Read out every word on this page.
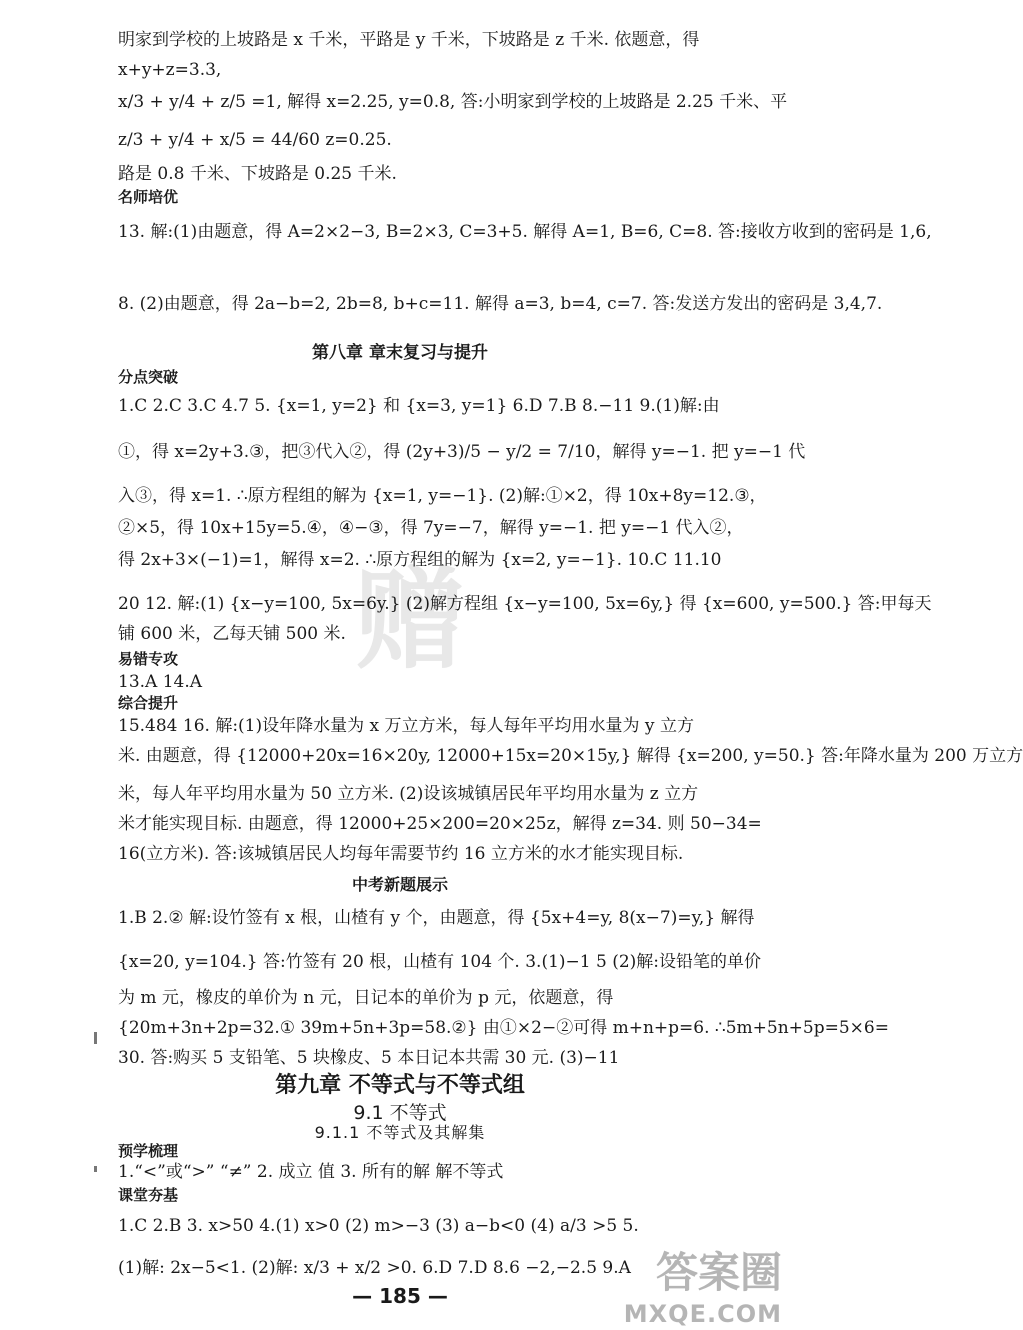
赠
明家到学校的上坡路是 x 千米，平路是 y 千米，下坡路是 z 千米. 依题意，得
x+y+z=3.3,
x/3 + y/4 + z/5 =1, 解得 x=2.25, y=0.8, 答:小明家到学校的上坡路是 2.25 千米、平
z/3 + y/4 + x/5 = 44/60 z=0.25.
路是 0.8 千米、下坡路是 0.25 千米.
名师培优
13. 解:(1)由题意，得 A=2×2−3, B=2×3, C=3+5. 解得 A=1, B=6, C=8. 答:接收方收到的密码是 1,6,
8. (2)由题意，得 2a−b=2, 2b=8, b+c=11. 解得 a=3, b=4, c=7. 答:发送方发出的密码是 3,4,7.
第八章 章末复习与提升
分点突破
1.C 2.C 3.C 4.7 5. {x=1, y=2} 和 {x=3, y=1} 6.D 7.B 8.−11 9.(1)解:由
①，得 x=2y+3.③，把③代入②，得 (2y+3)/5 − y/2 = 7/10，解得 y=−1. 把 y=−1 代
入③，得 x=1. ∴原方程组的解为 {x=1, y=−1}. (2)解:①×2，得 10x+8y=12.③，
②×5，得 10x+15y=5.④，④−③，得 7y=−7，解得 y=−1. 把 y=−1 代入②，
得 2x+3×(−1)=1，解得 x=2. ∴原方程组的解为 {x=2, y=−1}. 10.C 11.10
20 12. 解:(1) {x−y=100, 5x=6y.} (2)解方程组 {x−y=100, 5x=6y,} 得 {x=600, y=500.} 答:甲每天
铺 600 米，乙每天铺 500 米.
易错专攻
13.A 14.A
综合提升
15.484 16. 解:(1)设年降水量为 x 万立方米，每人每年平均用水量为 y 立方
米. 由题意，得 {12000+20x=16×20y, 12000+15x=20×15y,} 解得 {x=200, y=50.} 答:年降水量为 200 万立方
米，每人年平均用水量为 50 立方米. (2)设该城镇居民年平均用水量为 z 立方
米才能实现目标. 由题意，得 12000+25×200=20×25z，解得 z=34. 则 50−34=
16(立方米). 答:该城镇居民人均每年需要节约 16 立方米的水才能实现目标.
中考新题展示
1.B 2.② 解:设竹签有 x 根，山楂有 y 个，由题意，得 {5x+4=y, 8(x−7)=y,} 解得
{x=20, y=104.} 答:竹签有 20 根，山楂有 104 个. 3.(1)−1 5 (2)解:设铅笔的单价
为 m 元，橡皮的单价为 n 元，日记本的单价为 p 元，依题意，得
{20m+3n+2p=32.① 39m+5n+3p=58.②} 由①×2−②可得 m+n+p=6. ∴5m+5n+5p=5×6=
30. 答:购买 5 支铅笔、5 块橡皮、5 本日记本共需 30 元. (3)−11
第九章 不等式与不等式组
9.1 不等式
9.1.1 不等式及其解集
预学梳理
1.“<”或“>” “≠” 2. 成立 值 3. 所有的解 解不等式
课堂夯基
1.C 2.B 3. x>50 4.(1) x>0 (2) m>−3 (3) a−b<0 (4) a/3 >5 5.
(1)解: 2x−5<1. (2)解: x/3 + x/2 >0. 6.D 7.D 8.6 −2,−2.5 9.A
— 185 —	答案圈
MXQE.COM
